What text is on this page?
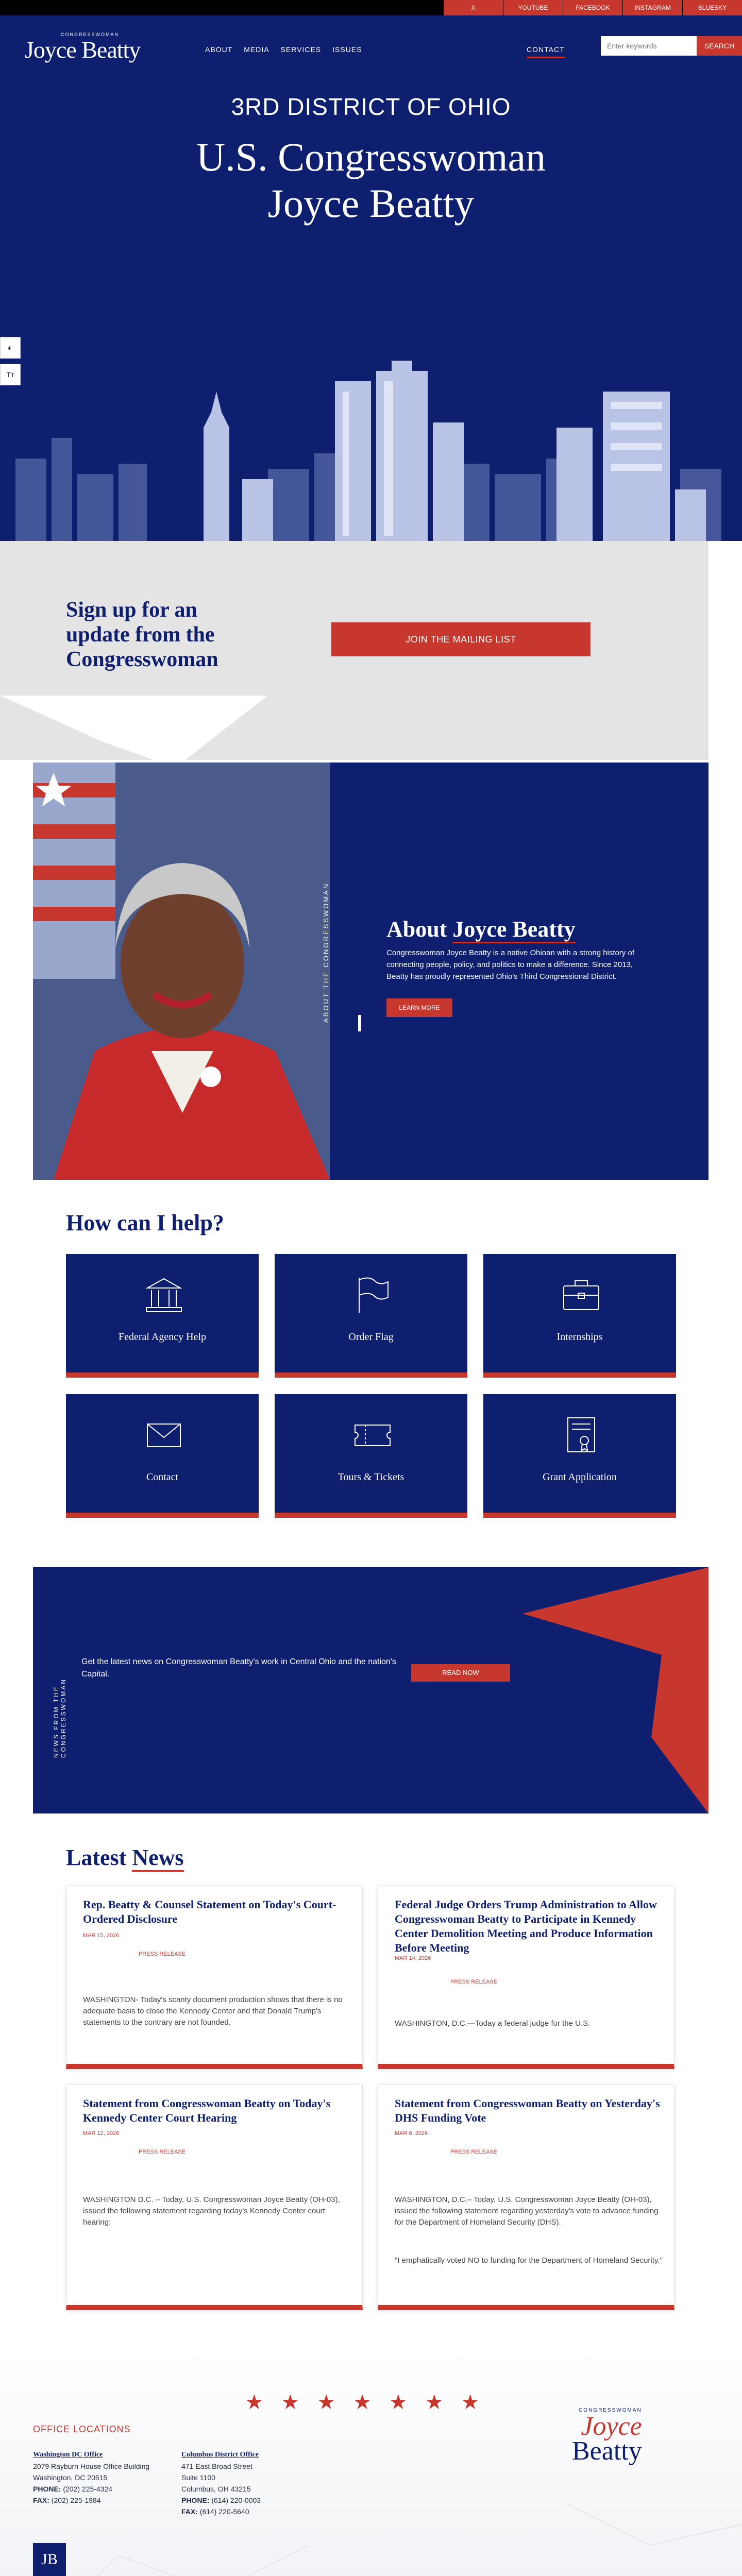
X	YOUTUBE	FACEBOOK	INSTAGRAM	BLUESKY
CONGRESSWOMAN
Joyce Beatty	ABOUT MEDIA SERVICES ISSUES	CONTACT
Enter keywords	SEARCH
3RD DISTRICT OF OHIO
U.S. Congresswoman
Joyce Beatty
◐
Tт
Sign up for an update from the Congresswoman
JOIN THE MAILING LIST
About Joyce Beatty

Congresswoman Joyce Beatty is a native Ohioan with a strong history of connecting people, policy, and politics to make a difference. Since 2013, Beatty has proudly represented Ohio's Third Congressional District.

LEARN MORE
ABOUT THE CONGRESSWOMAN
How can I help?
Federal Agency Help	Order Flag	Internships
Contact	Tours & Tickets	Grant Application
NEWS FROM THE CONGRESSWOMAN

Get the latest news on Congresswoman Beatty's work in Central Ohio and the nation's Capital.	READ NOW
Latest News
Rep. Beatty & Counsel Statement on Today's Court-Ordered Disclosure
MAR 15, 2026
PRESS RELEASE
WASHINGTON- Today's scanty document production shows that there is no adequate basis to close the Kennedy Center and that Donald Trump's statements to the contrary are not founded.
Federal Judge Orders Trump Administration to Allow Congresswoman Beatty to Participate in Kennedy Center Demolition Meeting and Produce Information Before Meeting
MAR 14, 2026
PRESS RELEASE
WASHINGTON, D.C.—Today a federal judge for the U.S.
Statement from Congresswoman Beatty on Today's Kennedy Center Court Hearing
MAR 12, 2026
PRESS RELEASE
WASHINGTON D.C. – Today, U.S. Congresswoman Joyce Beatty (OH-03), issued the following statement regarding today's Kennedy Center court hearing:
Statement from Congresswoman Beatty on Yesterday's DHS Funding Vote
MAR 6, 2026
PRESS RELEASE
WASHINGTON, D.C.– Today, U.S. Congresswoman Joyce Beatty (OH-03), issued the following statement regarding yesterday's vote to advance funding for the Department of Homeland Security (DHS).
"I emphatically voted NO to funding for the Department of Homeland Security."
★★★★★★★
OFFICE LOCATIONS
Washington DC Office
2079 Rayburn House Office Building
Washington, DC 20515
PHONE: (202) 225-4324
FAX: (202) 225-1984
Columbus District Office
471 East Broad Street
Suite 1100
Columbus, OH 43215
PHONE: (614) 220-0003
FAX: (614) 220-5640
CONGRESSWOMAN
Joyce
Beatty
JB
